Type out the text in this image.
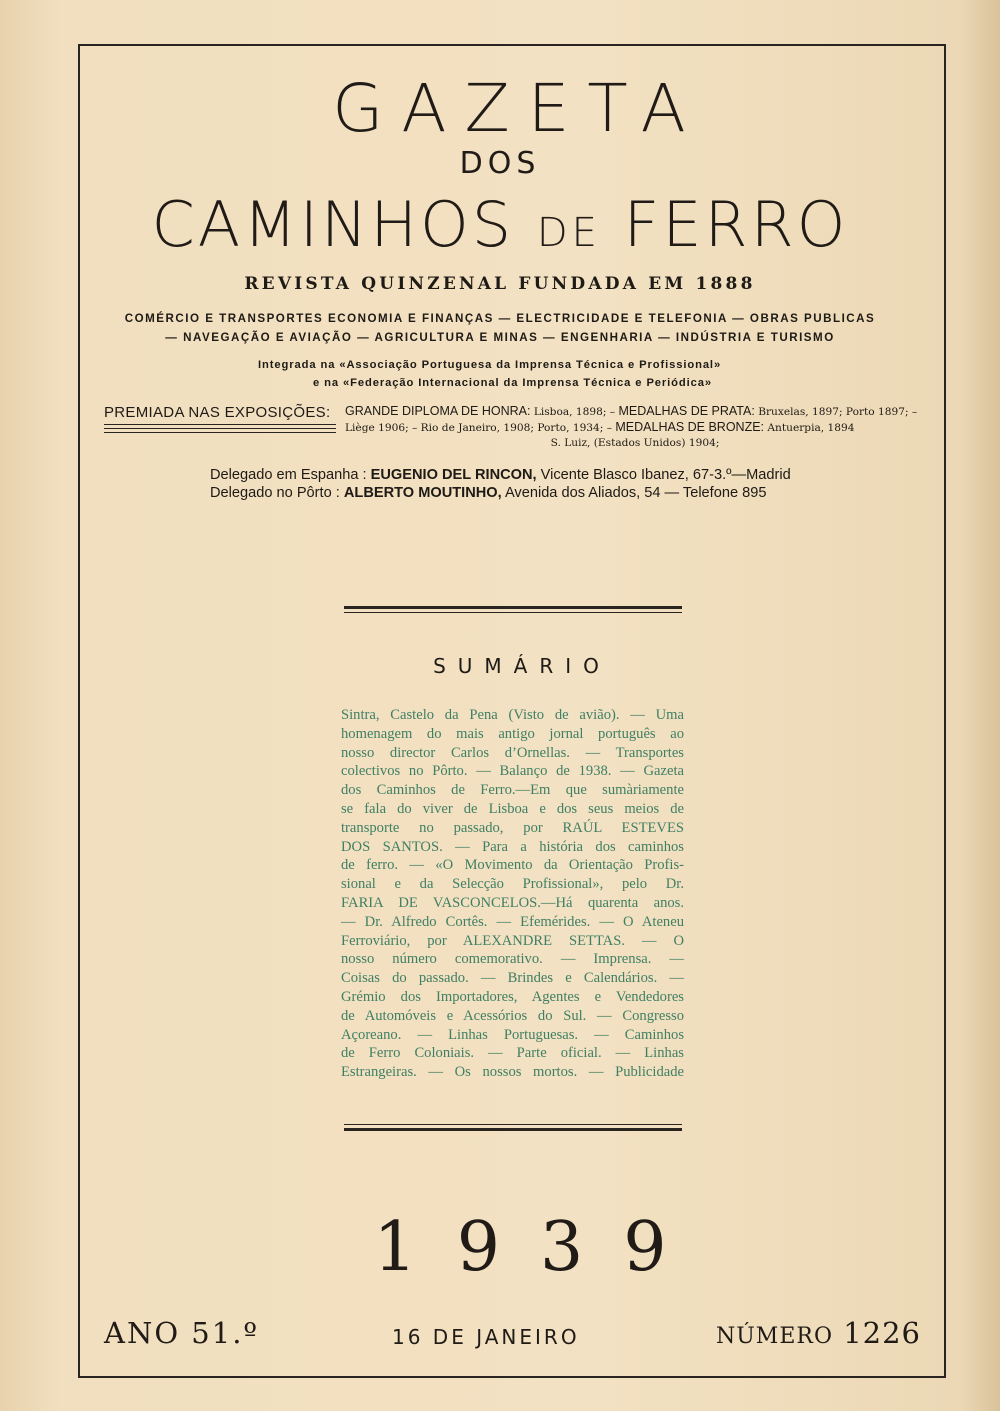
GAZETA
DOS
CAMINHOS DE FERRO
REVISTA QUINZENAL FUNDADA EM 1888
COMÉRCIO E TRANSPORTES ECONOMIA E FINANÇAS — ELECTRICIDADE E TELEFONIA — OBRAS PUBLICAS
— NAVEGAÇÃO E AVIAÇÃO — AGRICULTURA E MINAS — ENGENHARIA — INDÚSTRIA E TURISMO
Integrada na «Associação Portuguesa da Imprensa Técnica e Profissional»
e na «Federação Internacional da Imprensa Técnica e Periódica»
PREMIADA NAS EXPOSIÇÕES: GRANDE DIPLOMA DE HONRA: Lisboa, 1898; – MEDALHAS DE PRATA: Bruxelas, 1897; Porto 1897; – Liège 1906; – Rio de Janeiro, 1908; Porto, 1934; – MEDALHAS DE BRONZE: Antuerpia, 1894
S. Luiz, (Estados Unidos) 1904;
Delegado em Espanha : EUGENIO DEL RINCON, Vicente Blasco Ibanez, 67-3.º—Madrid
Delegado no Pôrto : ALBERTO MOUTINHO, Avenida dos Aliados, 54 — Telefone 895
SUMÁRIO
Sintra, Castelo da Pena (Visto de avião). — Uma
homenagem do mais antigo jornal português ao
nosso director Carlos d’Ornellas. — Transportes
colectivos no Pôrto. — Balanço de 1938. — Gazeta
dos Caminhos de Ferro.—Em que sumàriamente
se fala do viver de Lisboa e dos seus meios de
transporte no passado, por RAÚL ESTEVES
DOS SANTOS. — Para a história dos caminhos
de ferro. — «O Movimento da Orientação Profis-
sional e da Selecção Profissional», pelo Dr.
FARIA DE VASCONCELOS.—Há quarenta anos.
— Dr. Alfredo Cortês. — Efemérides. — O Ateneu
Ferroviário, por ALEXANDRE SETTAS. — O
nosso número comemorativo. — Imprensa. —
Coisas do passado. — Brindes e Calendários. —
Grémio dos Importadores, Agentes e Vendedores
de Automóveis e Acessórios do Sul. — Congresso
Açoreano. — Linhas Portuguesas. — Caminhos
de Ferro Coloniais. — Parte oficial. — Linhas
Estrangeiras. — Os nossos mortos. — Publicidade
1939
ANO 51.º	16 DE JANEIRO	NÚMERO 1226
